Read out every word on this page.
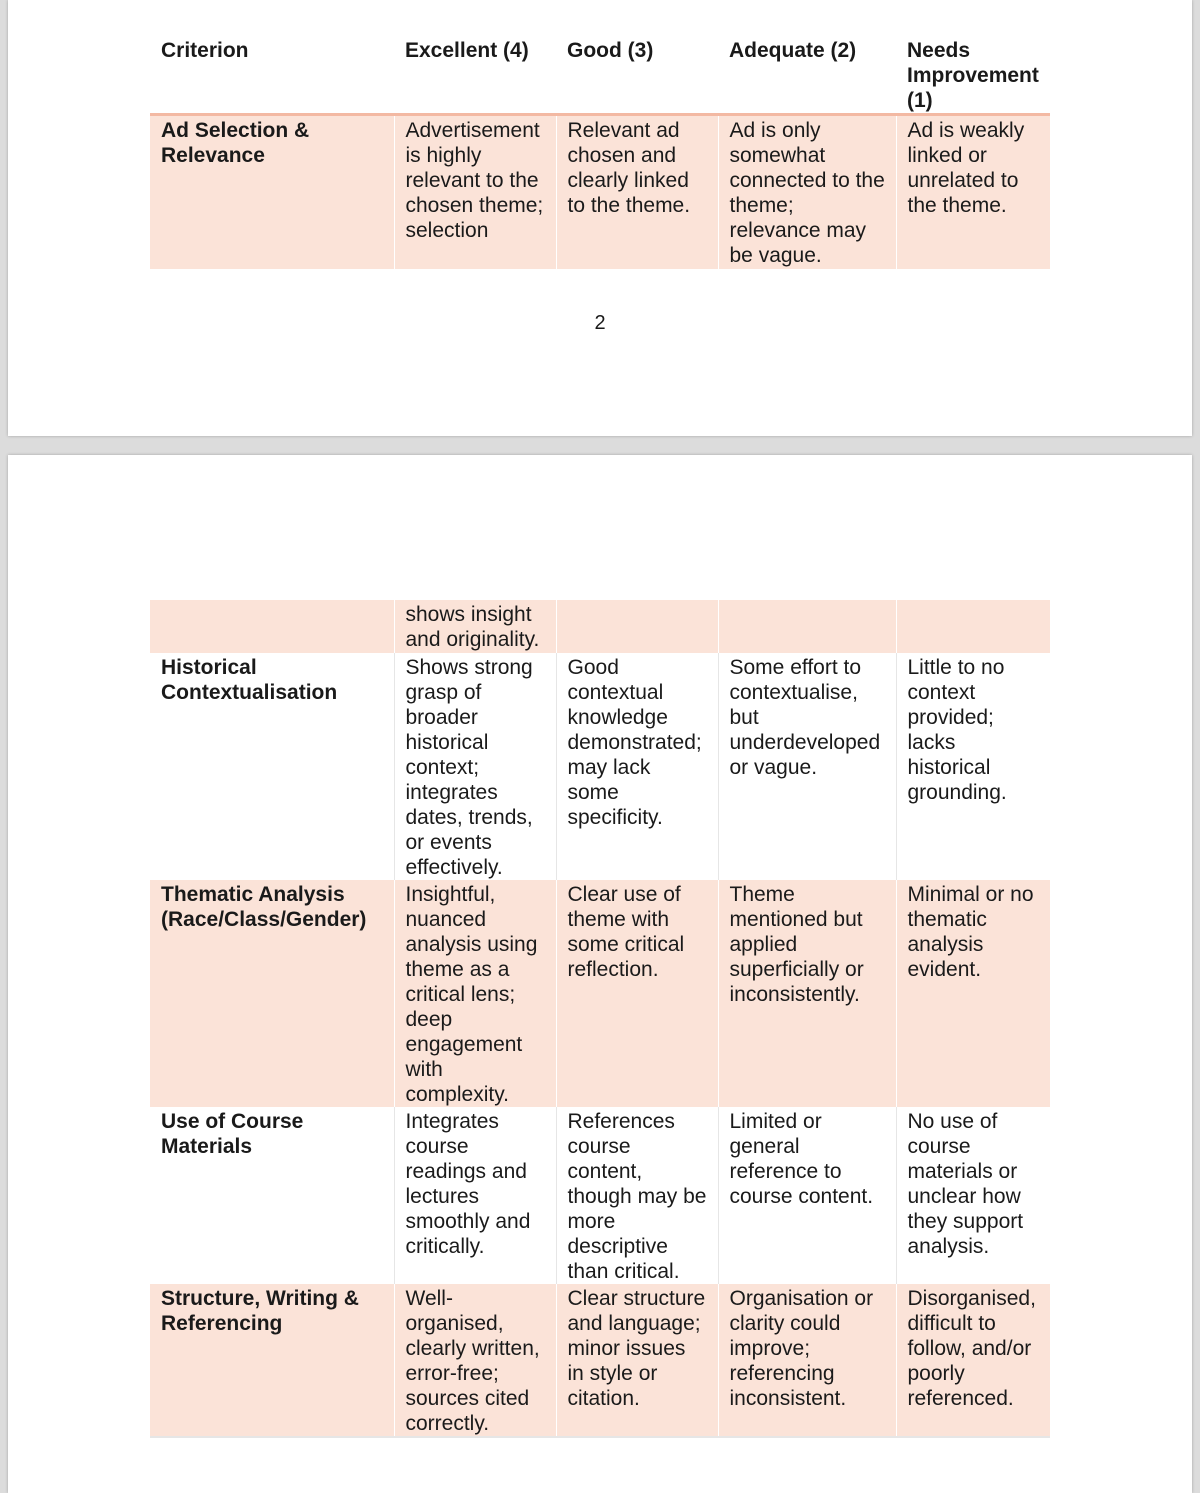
Criterion	Excellent (4)	Good (3)	Adequate (2)	Needs Improvement (1)
Ad Selection & Relevance	Advertisement is highly relevant to the chosen theme; selection	Relevant ad chosen and clearly linked to the theme.	Ad is only somewhat connected to the theme; relevance may be vague.	Ad is weakly linked or unrelated to the theme.
2
	shows insight and originality.			
Historical Contextualisation	Shows strong grasp of broader historical context; integrates dates, trends, or events effectively.	Good contextual knowledge demonstrated; may lack some specificity.	Some effort to contextualise, but underdeveloped or vague.	Little to no context provided; lacks historical grounding.
Thematic Analysis (Race/Class/Gender)	Insightful, nuanced analysis using theme as a critical lens; deep engagement with complexity.	Clear use of theme with some critical reflection.	Theme mentioned but applied superficially or inconsistently.	Minimal or no thematic analysis evident.
Use of Course Materials	Integrates course readings and lectures smoothly and critically.	References course content, though may be more descriptive than critical.	Limited or general reference to course content.	No use of course materials or unclear how they support analysis.
Structure, Writing & Referencing	Well-organised, clearly written, error-free; sources cited correctly.	Clear structure and language; minor issues in style or citation.	Organisation or clarity could improve; referencing inconsistent.	Disorganised, difficult to follow, and/or poorly referenced.
